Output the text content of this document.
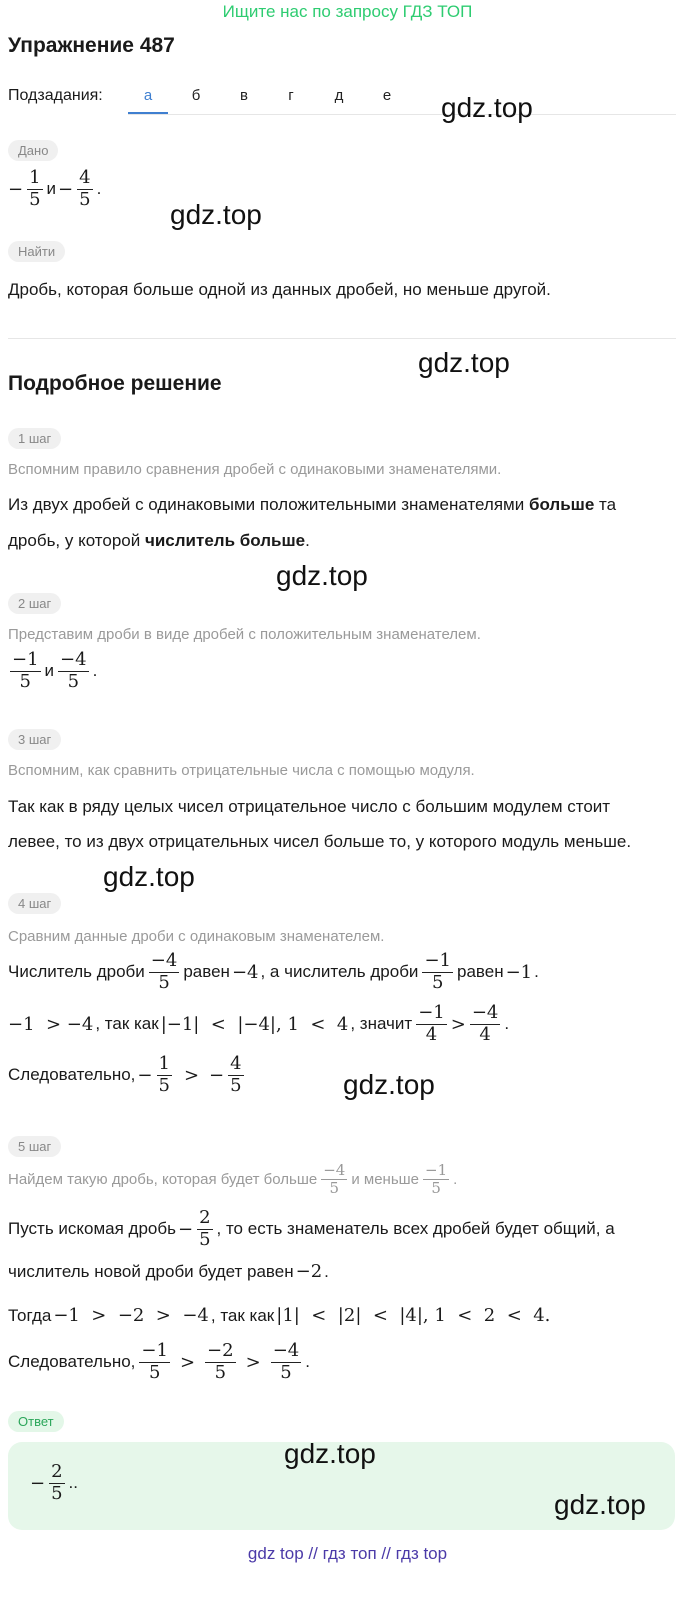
Ищите нас по запросу ГДЗ ТОП
Упражнение 487
Подзадания:	а	б	в	г	д	е
Дано
− $\frac{1}{5}$ $и - \frac{4}{5}$ .
Найти
Дробь, которая больше одной из данных дробей, но меньше другой.
Подробное решение
1 шаг
Вспомним правило сравнения дробей с одинаковыми знаменателями.
Из двух дробей с одинаковыми положительными знаменателями больше та
дробь, у которой числитель больше.
2 шаг
Представим дроби в виде дробей с положительным знаменателем.
$\frac{-1}{5}$ и $\frac{-4}{5}$ .
3 шаг
Вспомним, как сравнить отрицательные числа с помощью модуля.
Так как в ряду целых чисел отрицательное число с большим модулем стоит
левее, то из двух отрицательных чисел больше то, у которого модуль меньше.
4 шаг
Сравним данные дроби с одинаковым знаменателем.
Числитель дроби $\frac{-4}{5}$ равен −4 , а числитель дроби $\frac{-1}{5}$ равен −1 .
−1  > −4 , так как |−1|  <  |−4|, 1  <  4 , значит $\frac{-1}{4} > \frac{-4}{4}$ .
Следовательно, − $\frac{1}{5}$ > − $\frac{4}{5}$
5 шаг
Найдем такую дробь, которая будет больше $\frac{-4}{5}$ и меньше $\frac{-1}{5}$ .
Пусть искомая дробь − $\frac{2}{5}$ , то есть знаменатель всех дробей будет общий, а
числитель новой дроби будет равен −2 .
Тогда −1  >  −2  >  −4 , так как |1|  <  |2|  <  |4|, 1  <  2  <  4.
Следовательно, $\frac{-1}{5} > \frac{-2}{5} > \frac{-4}{5}$ .
Ответ
− $\frac{2}{5}$ ..
gdz.top
gdz.top
gdz.top
gdz.top
gdz.top
gdz.top
gdz.top
gdz.top
gdz top // гдз топ // гдз top
